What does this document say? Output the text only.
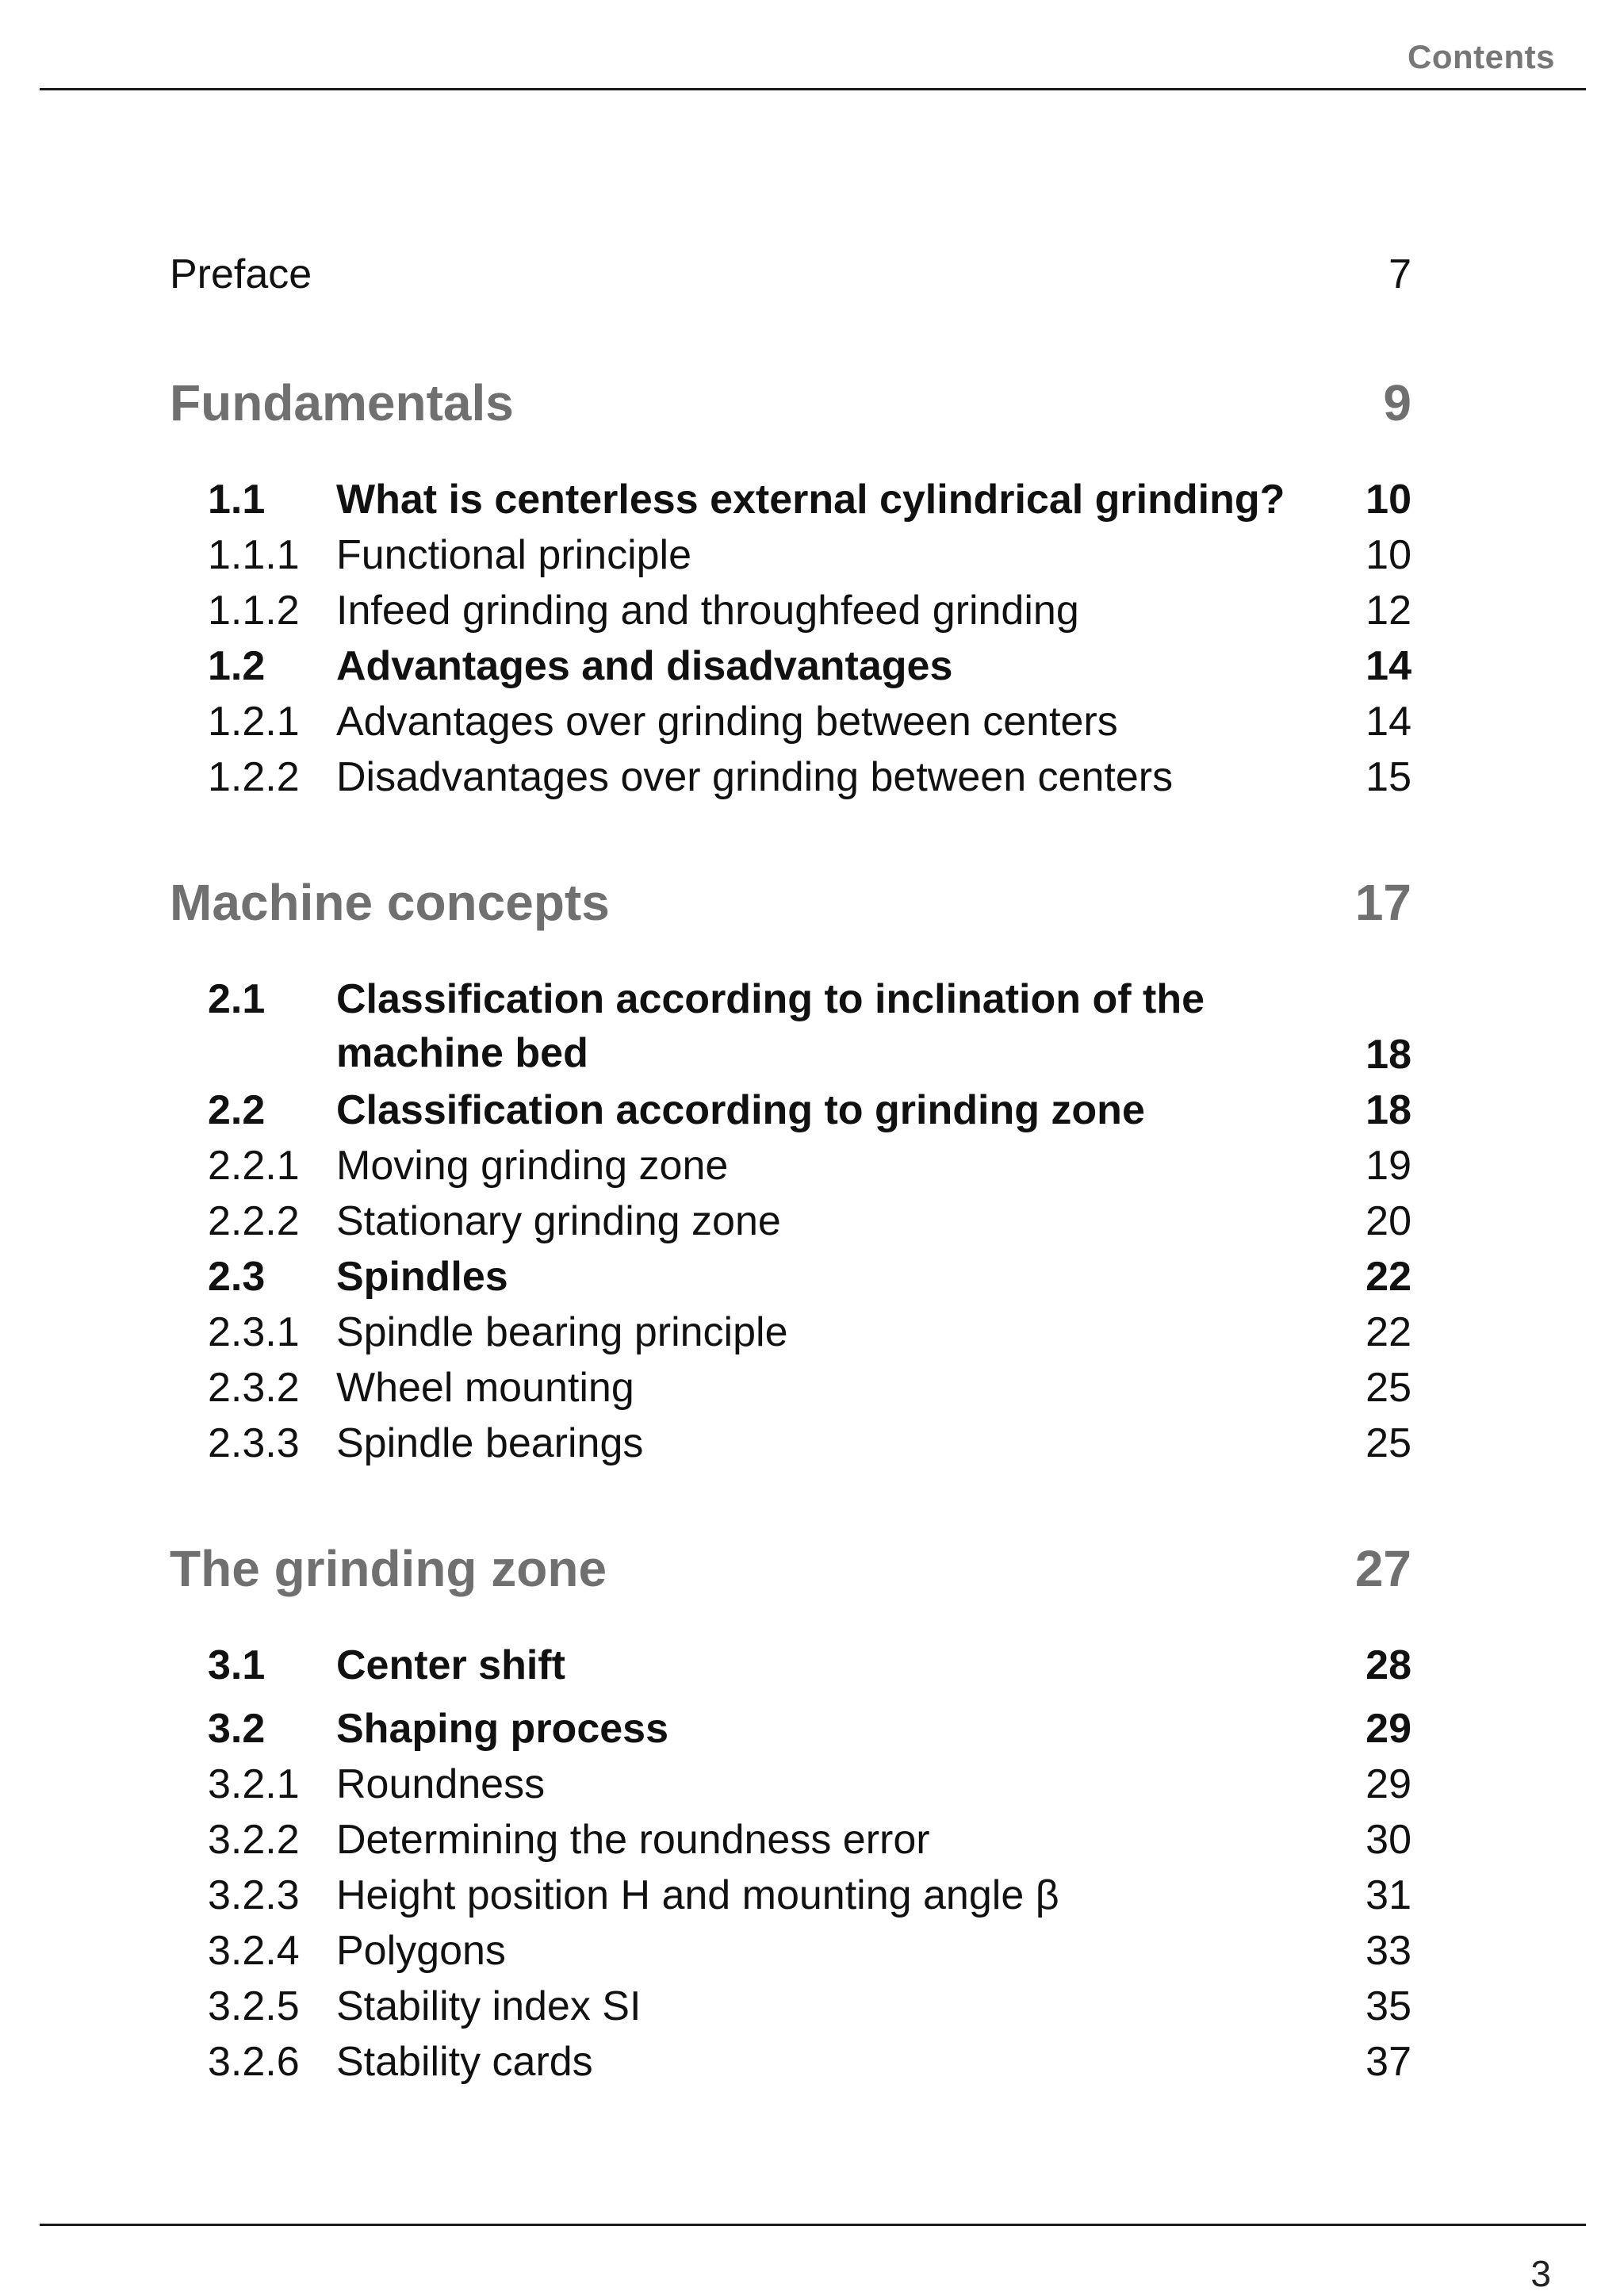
Contents
Preface	7
Fundamentals	9
1.1 What is centerless external cylindrical grinding? 10
1.1.1 Functional principle	10
1.1.2 Infeed grinding and throughfeed grinding	12
1.2 Advantages and disadvantages	14
1.2.1 Advantages over grinding between centers	14
1.2.2 Disadvantages over grinding between centers	15
Machine concepts	17
2.1 Classification according to inclination of the
machine bed	18
2.2 Classification according to grinding zone	18
2.2.1 Moving grinding zone	19
2.2.2 Stationary grinding zone	20
2.3 Spindles	22
2.3.1 Spindle bearing principle	22
2.3.2 Wheel mounting	25
2.3.3 Spindle bearings	25
The grinding zone	27
3.1 Center shift	28
3.2 Shaping process	29
3.2.1 Roundness	29
3.2.2 Determining the roundness error	30
3.2.3 Height position H and mounting angle β	31
3.2.4 Polygons	33
3.2.5 Stability index SI	35
3.2.6 Stability cards	37
3
